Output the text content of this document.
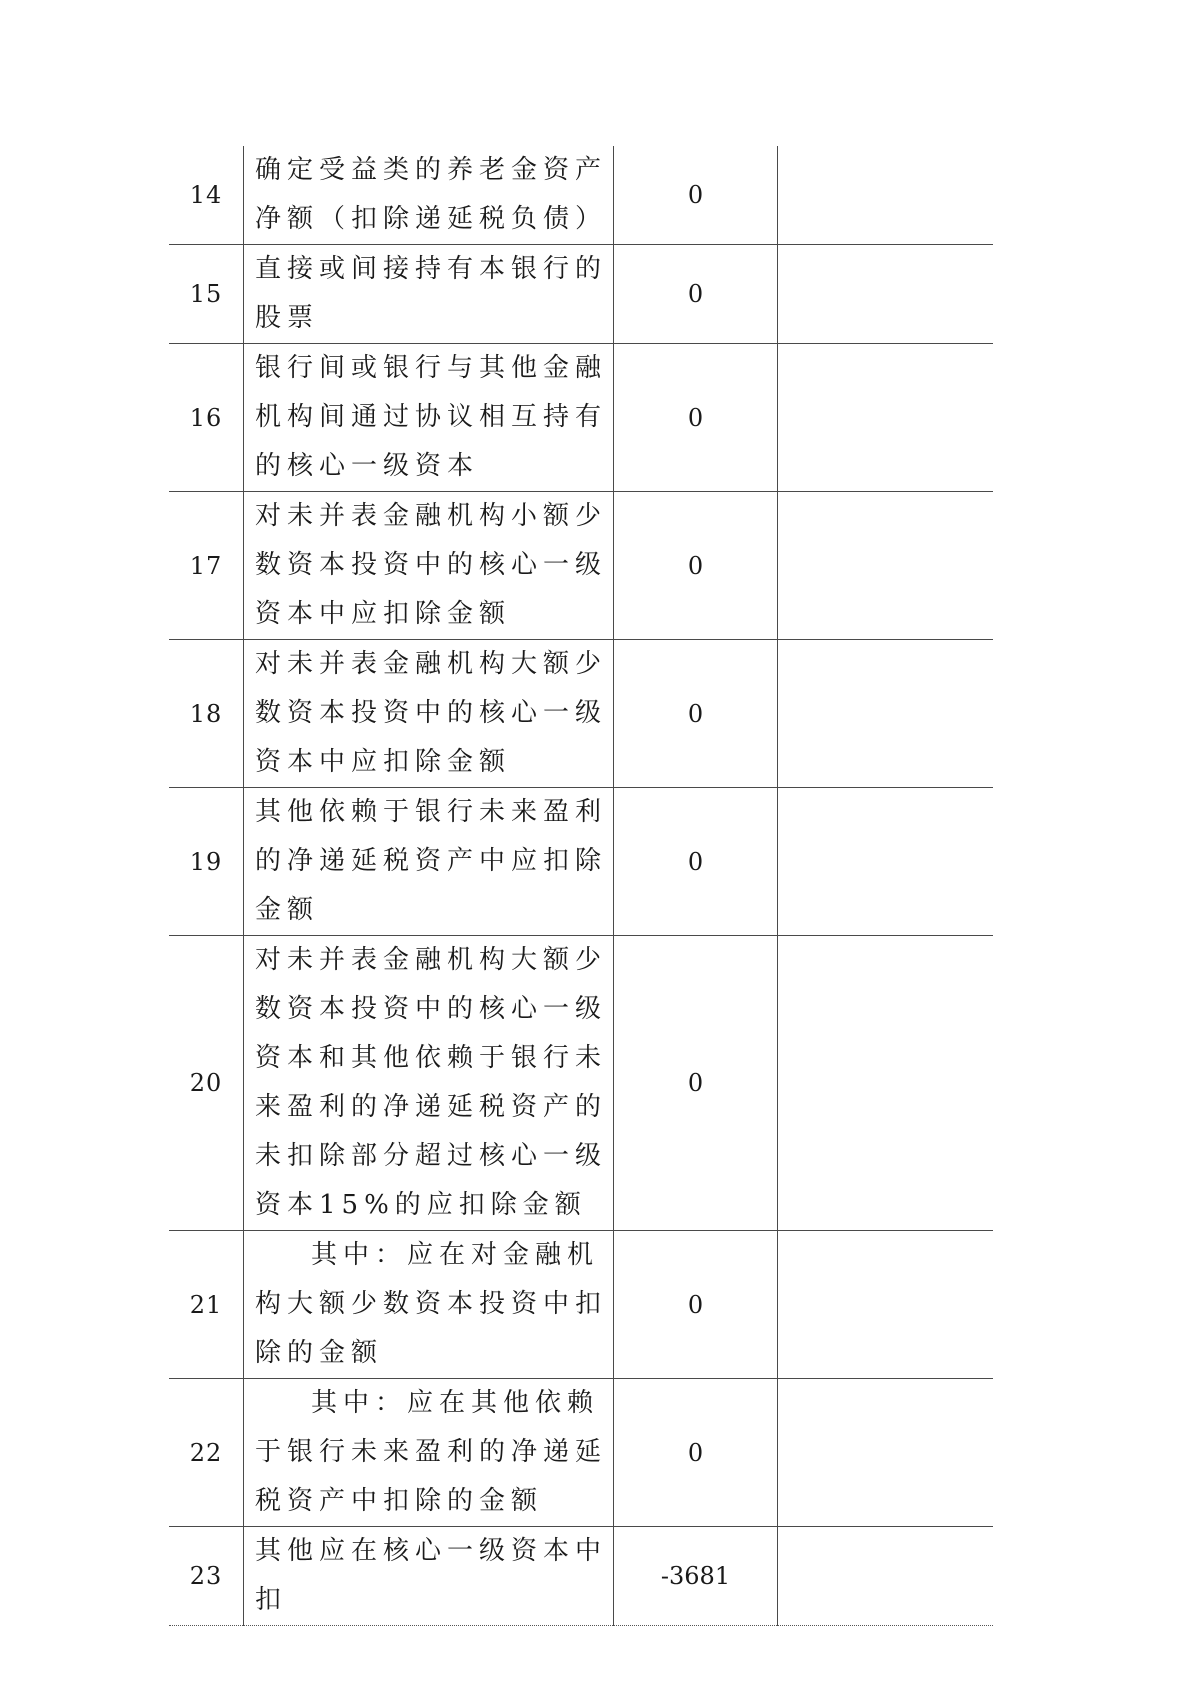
14	确定受益类的养老金资产净额（扣除递延税负债）	0	
15	直接或间接持有本银行的股票	0	
16	银行间或银行与其他金融机构间通过协议相互持有的核心一级资本	0	
17	对未并表金融机构小额少数资本投资中的核心一级资本中应扣除金额	0	
18	对未并表金融机构大额少数资本投资中的核心一级资本中应扣除金额	0	
19	其他依赖于银行未来盈利的净递延税资产中应扣除金额	0	
20	对未并表金融机构大额少数资本投资中的核心一级资本和其他依赖于银行未来盈利的净递延税资产的未扣除部分超过核心一级资本15%的应扣除金额	0	
21	其中：应在对金融机构大额少数资本投资中扣除的金额	0	
22	其中：应在其他依赖于银行未来盈利的净递延税资产中扣除的金额	0	
23	其他应在核心一级资本中扣	-3681	
